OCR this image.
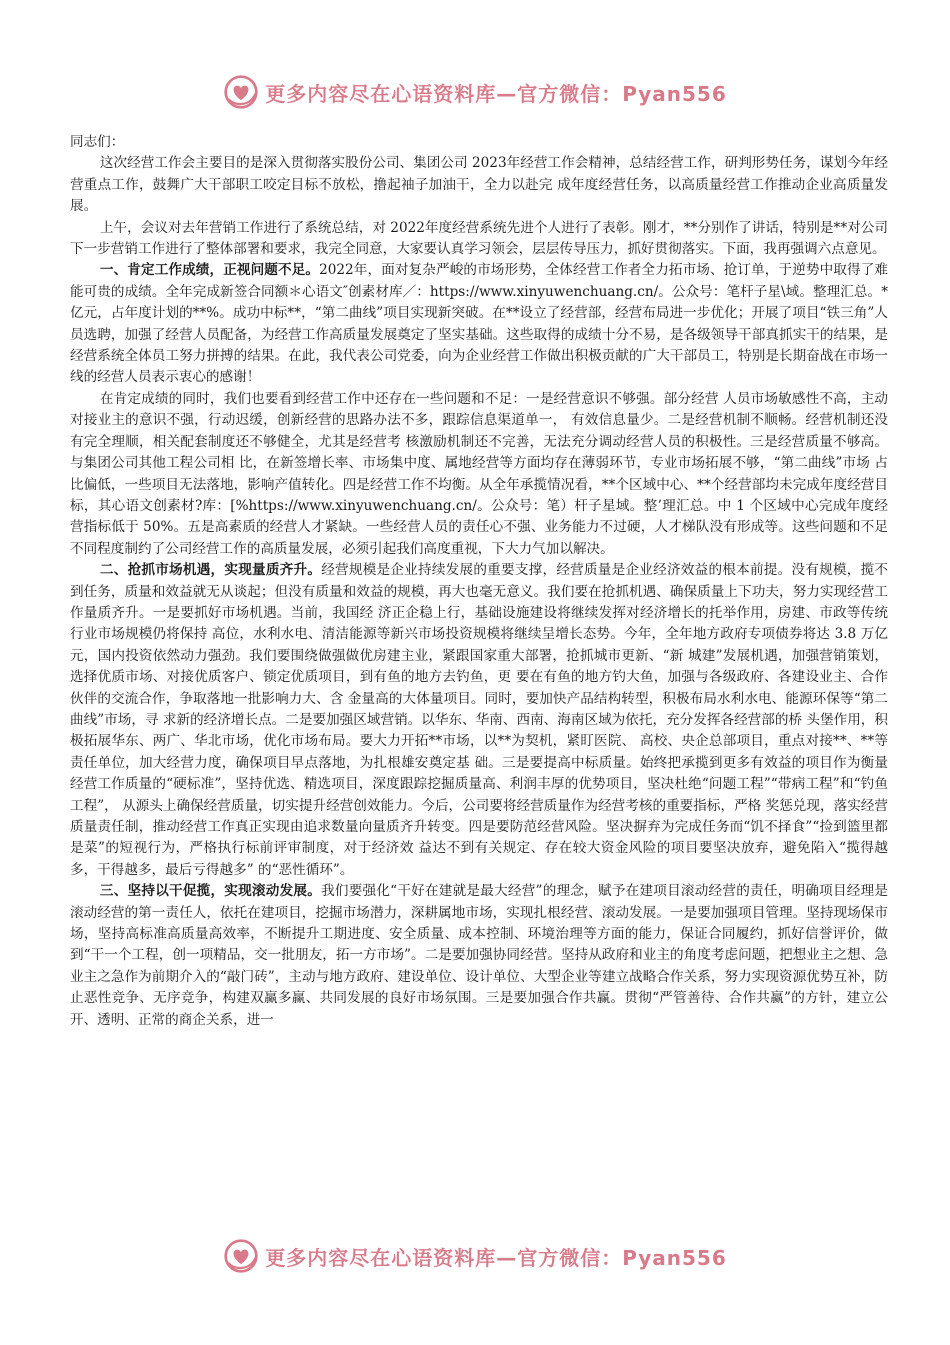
更多内容尽在心语资料库—官方微信：Pyan556

同志们：

这次经营工作会主要目的是深入贯彻落实股份公司、集团公司 2023年经营工作会精神，总结经营工作，研判形势任务，谋划今年经营重点工作，鼓舞广大干部职工咬定目标不放松，撸起袖子加油干，全力以赴完 成年度经营任务，以高质量经营工作推动企业高质量发展。

上午，会议对去年营销工作进行了系统总结，对 2022年度经营系统先进个人进行了表彰。刚才，**分别作了讲话，特别是**对公司下一步营销工作进行了整体部署和要求，我完全同意，大家要认真学习领会，层层传导压力，抓好贯彻落实。下面，我再强调六点意见。

一、肯定工作成绩，正视问题不足。2022年，面对复杂严峻的市场形势，全体经营工作者全力拓市场、抢订单，于逆势中取得了难能可贵的成绩。全年完成新签合同额＊心语文″创素材库／：https://www.xinyuwenchuang.cn/。公众号：笔杆子星\域。整理汇总。*亿元，占年度计划的**%。成功中标**，“第二曲线”项目实现新突破。在**设立了经营部，经营布局进一步优化；开展了项目“铁三角”人员选聘，加强了经营人员配备，为经营工作高质量发展奠定了坚实基础。这些取得的成绩十分不易，是各级领导干部真抓实干的结果，是经营系统全体员工努力拼搏的结果。在此，我代表公司党委，向为企业经营工作做出积极贡献的广大干部员工，特别是长期奋战在市场一线的经营人员表示衷心的感谢！

在肯定成绩的同时，我们也要看到经营工作中还存在一些问题和不足：一是经营意识不够强。部分经营 人员市场敏感性不高，主动对接业主的意识不强，行动迟缓，创新经营的思路办法不多，跟踪信息渠道单一， 有效信息量少。二是经营机制不顺畅。经营机制还没有完全理顺，相关配套制度还不够健全，尤其是经营考 核激励机制还不完善，无法充分调动经营人员的积极性。三是经营质量不够高。与集团公司其他工程公司相 比，在新签增长率、市场集中度、属地经营等方面均存在薄弱环节，专业市场拓展不够，“第二曲线”市场 占比偏低，一些项目无法落地，影响产值转化。四是经营工作不均衡。从全年承揽情况看，**个区域中心、**个经营部均未完成年度经营目标，其心语文创素材?库：[%https://www.xinyuwenchuang.cn/。公众号：笔）杆子星域。整’理汇总。中 1 个区域中心完成年度经营指标低于 50%。五是高素质的经营人才紧缺。一些经营人员的责任心不强、业务能力不过硬，人才梯队没有形成等。这些问题和不足不同程度制约了公司经营工作的高质量发展，必须引起我们高度重视，下大力气加以解决。

二、抢抓市场机遇，实现量质齐升。经营规模是企业持续发展的重要支撑，经营质量是企业经济效益的根本前提。没有规模，揽不到任务，质量和效益就无从谈起；但没有质量和效益的规模，再大也毫无意义。我们要在抢抓机遇、确保质量上下功夫，努力实现经营工作量质齐升。一是要抓好市场机遇。当前，我国经 济正企稳上行，基础设施建设将继续发挥对经济增长的托举作用，房建、市政等传统行业市场规模仍将保持 高位，水利水电、清洁能源等新兴市场投资规模将继续呈增长态势。今年，全年地方政府专项债券将达 3.8 万亿元，国内投资依然动力强劲。我们要围绕做强做优房建主业，紧跟国家重大部署，抢抓城市更新、“新 城建”发展机遇，加强营销策划，选择优质市场、对接优质客户、锁定优质项目，到有鱼的地方去钓鱼，更 要在有鱼的地方钓大鱼，加强与各级政府、各建设业主、合作伙伴的交流合作，争取落地一批影响力大、含 金量高的大体量项目。同时，要加快产品结构转型，积极布局水利水电、能源环保等“第二曲线”市场，寻 求新的经济增长点。二是要加强区域营销。以华东、华南、西南、海南区域为依托，充分发挥各经营部的桥 头堡作用，积极拓展华东、两广、华北市场，优化市场布局。要大力开拓**市场，以**为契机，紧盯医院、 高校、央企总部项目，重点对接**、**等责任单位，加大经营力度，确保项目早点落地，为扎根雄安奠定基 础。三是要提高中标质量。始终把承揽到更多有效益的项目作为衡量经营工作质量的“硬标准”，坚持优选、精选项目，深度跟踪挖掘质量高、利润丰厚的优势项目，坚决杜绝“问题工程”“带病工程”和“钓鱼工程”， 从源头上确保经营质量，切实提升经营创效能力。今后，公司要将经营质量作为经营考核的重要指标，严格 奖惩兑现，落实经营质量责任制，推动经营工作真正实现由追求数量向量质齐升转变。四是要防范经营风险。坚决摒弃为完成任务而“饥不择食”“捡到篮里都是菜”的短视行为，严格执行标前评审制度，对于经济效 益达不到有关规定、存在较大资金风险的项目要坚决放弃，避免陷入“揽得越多，干得越多，最后亏得越多” 的“恶性循环”。

三、坚持以干促揽，实现滚动发展。我们要强化“干好在建就是最大经营”的理念，赋予在建项目滚动经营的责任，明确项目经理是滚动经营的第一责任人，依托在建项目，挖掘市场潜力，深耕属地市场，实现扎根经营、滚动发展。一是要加强项目管理。坚持现场保市场，坚持高标准高质量高效率，不断提升工期进度、安全质量、成本控制、环境治理等方面的能力，保证合同履约，抓好信誉评价，做到“干一个工程，创一项精品，交一批朋友，拓一方市场”。二是要加强协同经营。坚持从政府和业主的角度考虑问题，把想业主之想、急业主之急作为前期介入的“敲门砖”，主动与地方政府、建设单位、设计单位、大型企业等建立战略合作关系，努力实现资源优势互补，防止恶性竞争、无序竞争，构建双赢多赢、共同发展的良好市场氛围。三是要加强合作共赢。贯彻“严管善待、合作共赢”的方针，建立公开、透明、正常的商企关系，进一

更多内容尽在心语资料库—官方微信：Pyan556
